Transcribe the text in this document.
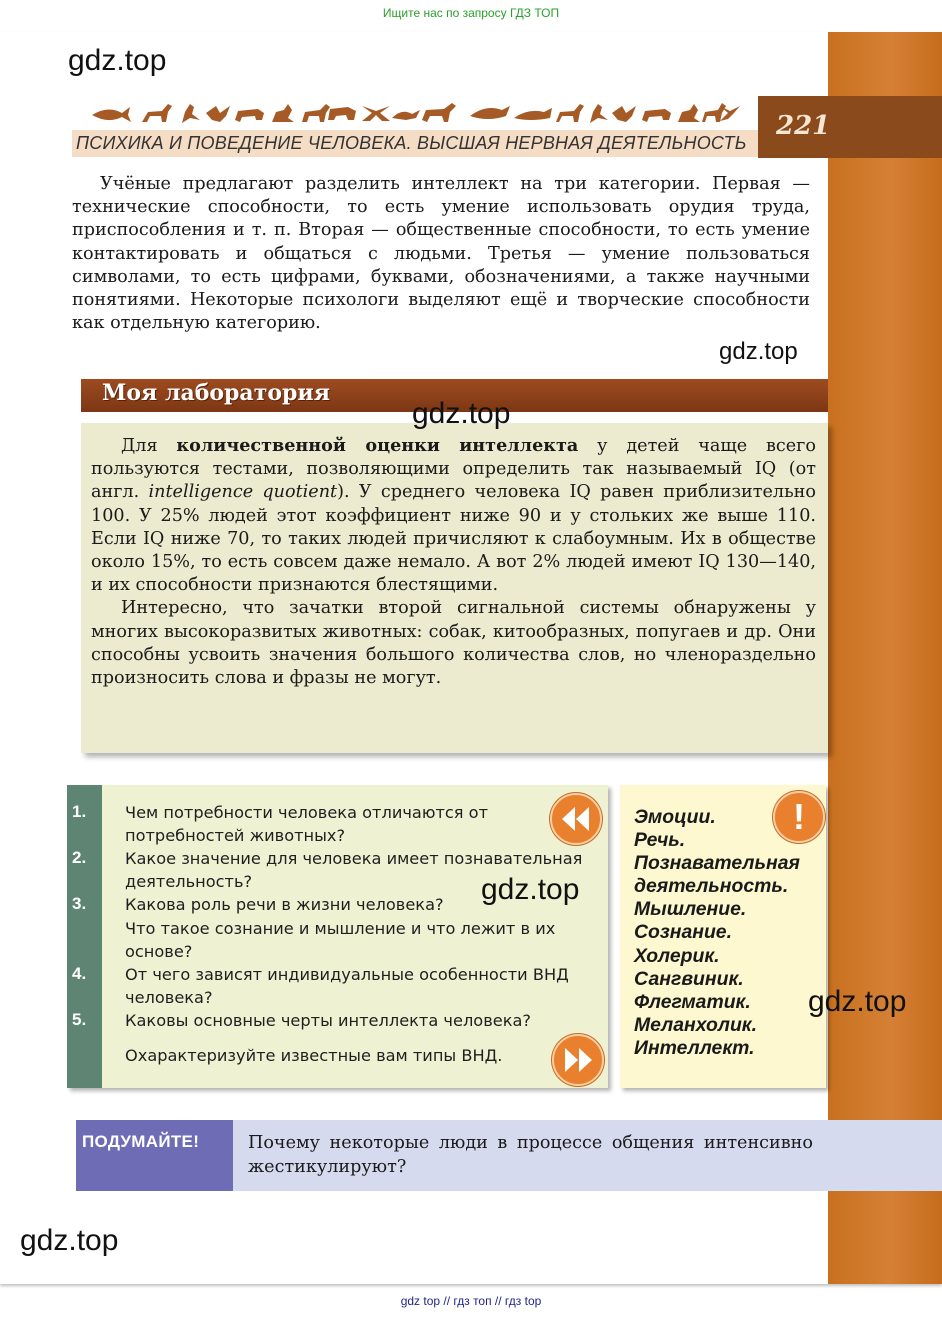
Ищите нас по запросу ГДЗ ТОП
ПСИХИКА И ПОВЕДЕНИЕ ЧЕЛОВЕКА. ВЫСШАЯ НЕРВНАЯ ДЕЯТЕЛЬНОСТЬ
221

Учёные предлагают разделить интеллект на три категории. Первая — технические способности, то есть умение использовать орудия труда, приспособления и т. п. Вторая — общественные способности, то есть умение контактировать и общаться с людьми. Третья — умение пользоваться символами, то есть цифрами, буквами, обозначениями, а также научными понятиями. Некоторые психологи выделяют ещё и творческие способности как отдельную категорию.

Моя лаборатория

Для количественной оценки интеллекта у детей чаще всего пользуются тестами, позволяющими определить так называемый IQ (от англ. intelligence quotient). У среднего человека IQ равен приблизительно 100. У 25% людей этот коэффициент ниже 90 и у стольких же выше 110. Если IQ ниже 70, то таких людей причисляют к слабоумным. Их в обществе около 15%, то есть совсем даже немало. А вот 2% людей имеют IQ 130—140, и их способности признаются блестящими.

Интересно, что зачатки второй сигнальной системы обнаружены у многих высокоразвитых животных: собак, китообразных, попугаев и др. Они способны усвоить значения большого количества слов, но членораздельно произносить слова и фразы не могут.

1.
2.
3.
4.
5.
Чем потребности человека отличаются от потребностей животных?
Какое значение для человека имеет познавательная деятельность?
Какова роль речи в жизни человека?
Что такое сознание и мышление и что лежит в их основе?
От чего зависят индивидуальные особенности ВНД человека?
Каковы основные черты интеллекта человека?
Охарактеризуйте известные вам типы ВНД.
!
Эмоции.
Речь.
Познавательная
деятельность.
Мышление.
Сознание.
Холерик.
Сангвиник.
Флегматик.
Меланхолик.
Интеллект.
ПОДУМАЙТЕ!	Почему некоторые люди в процессе общения интенсивно жестикулируют?
gdz.top
gdz.top
gdz.top
gdz.top
gdz.top
gdz.top
gdz top // гдз топ // гдз top
